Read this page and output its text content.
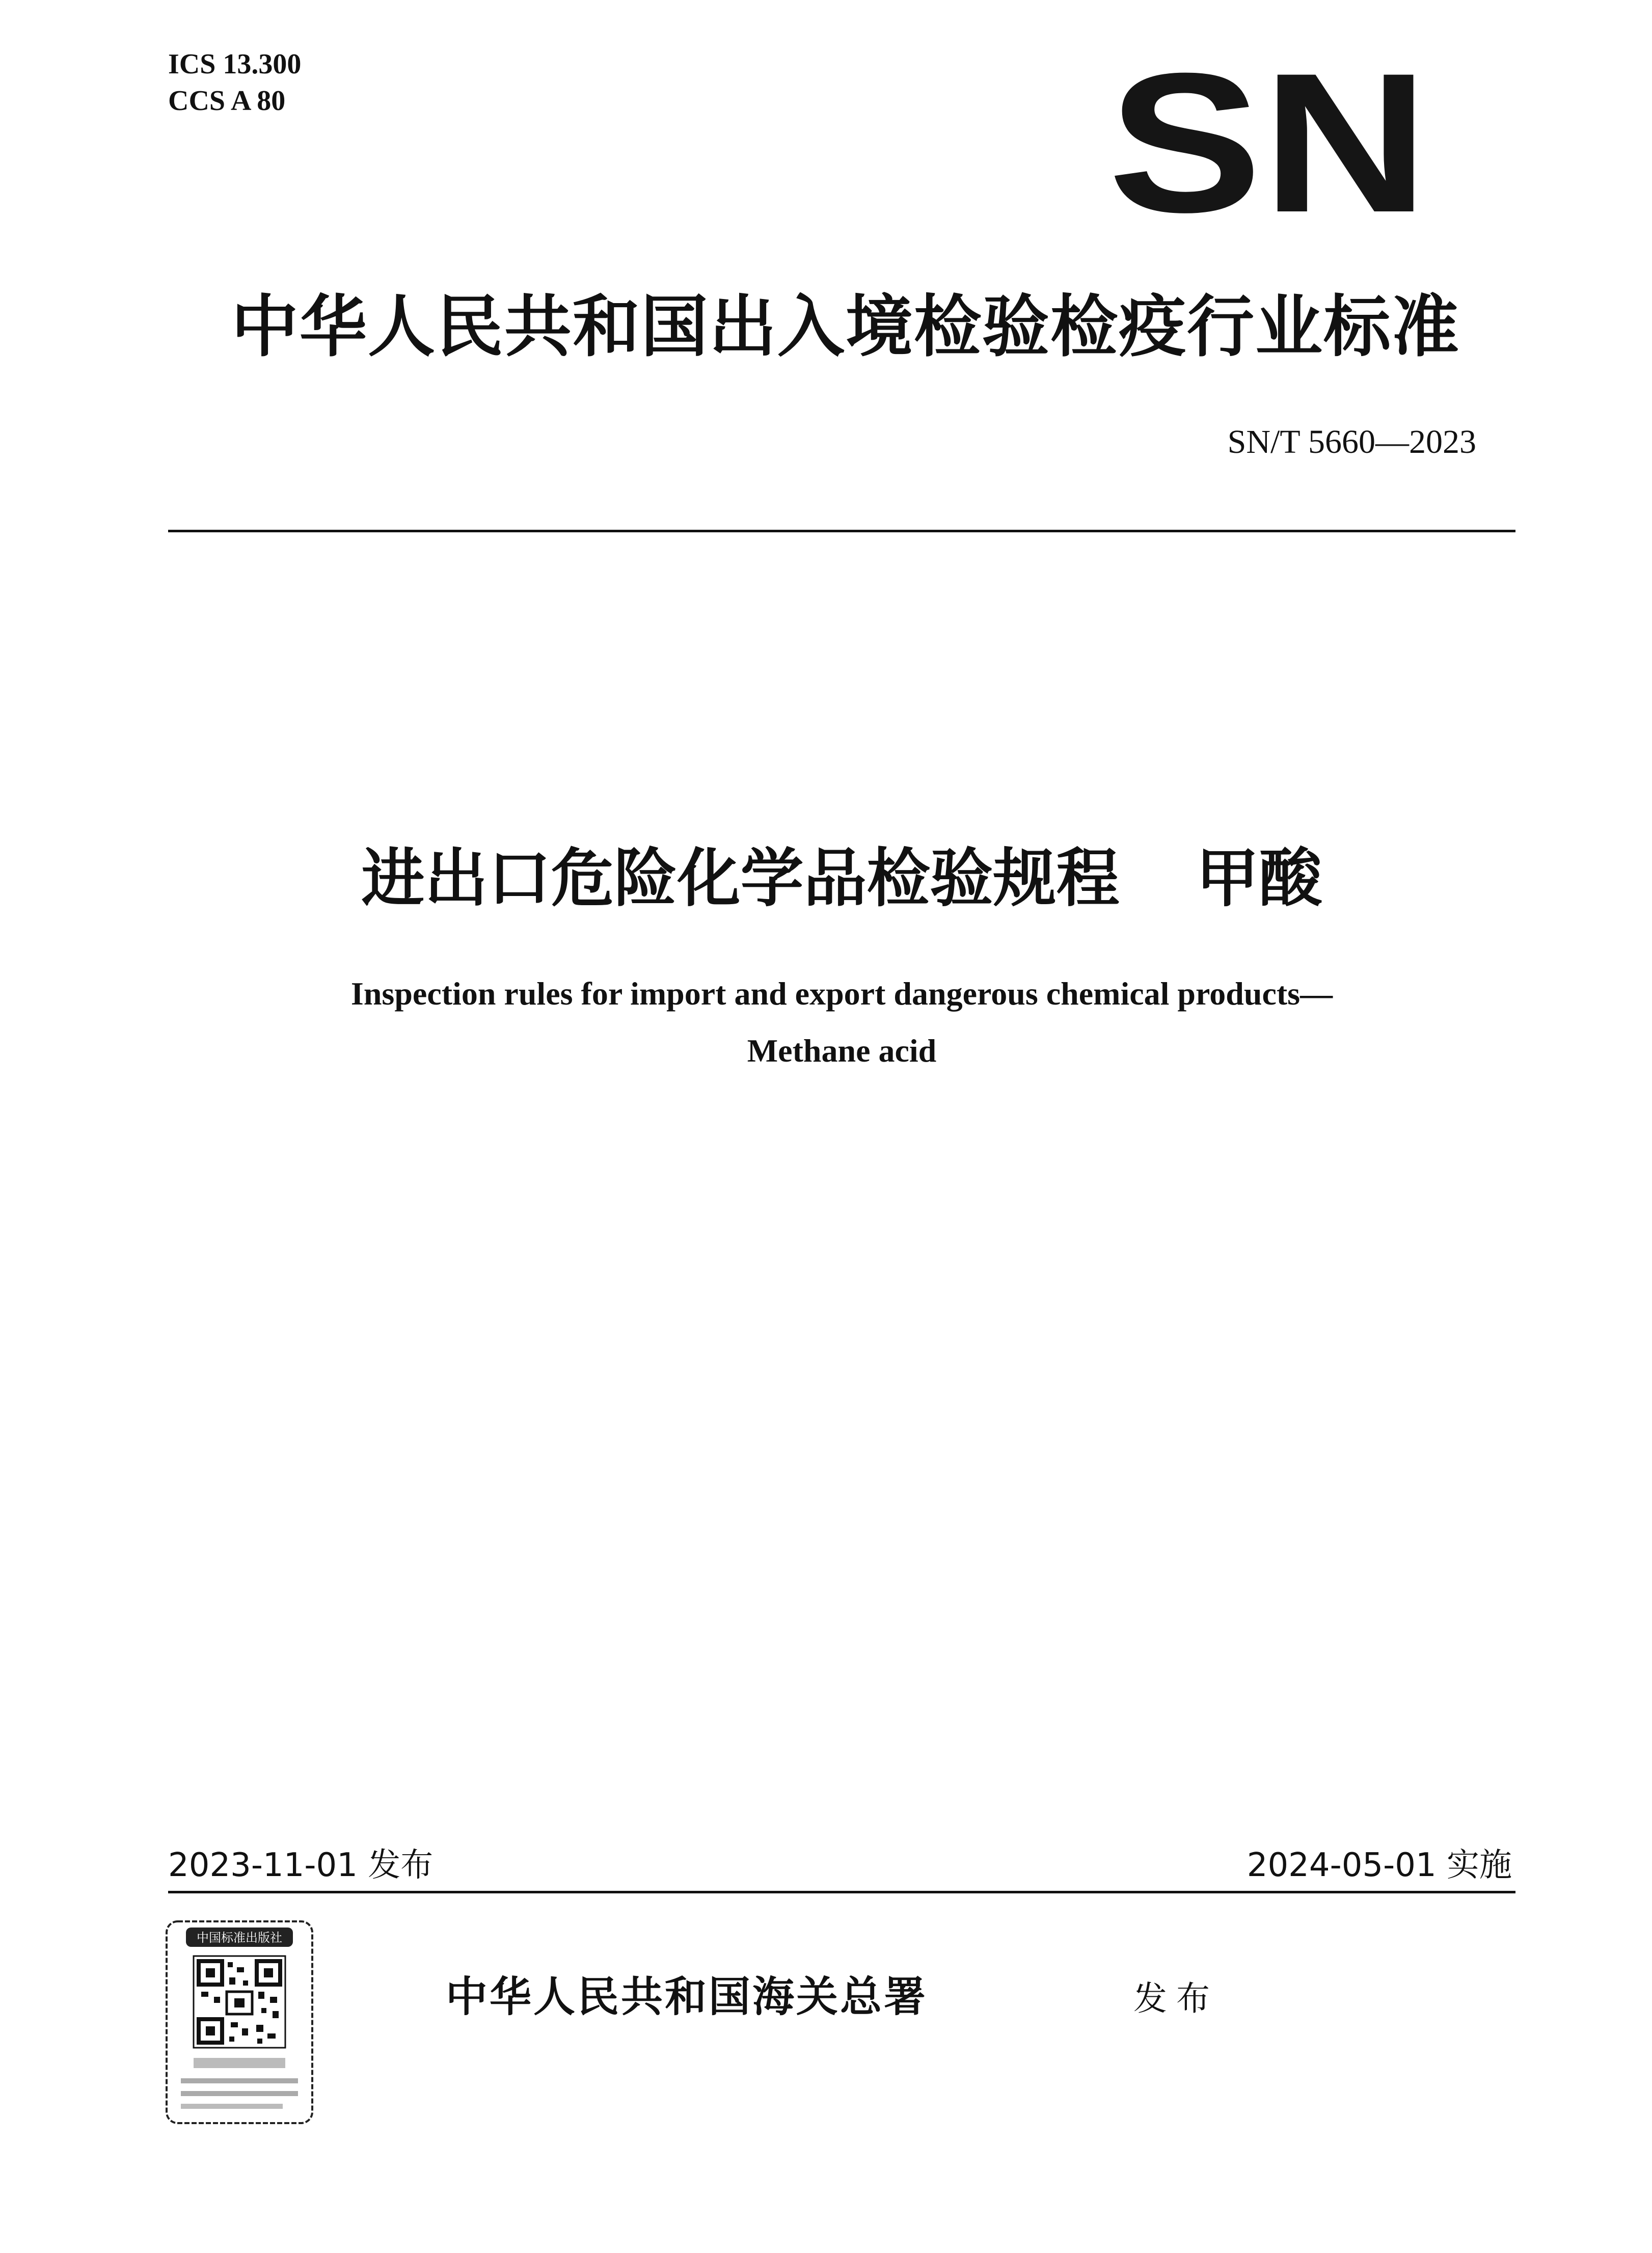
ICS 13.300
CCS A 80	SN
中华人民共和国出入境检验检疫行业标准
SN/T 5660—2023
进出口危险化学品检验规程 甲酸
Inspection rules for import and export dangerous chemical products—
Methane acid
2023-11-01 发布	2024-05-01 实施
中国标准出版社
中华人民共和国海关总署	发布
